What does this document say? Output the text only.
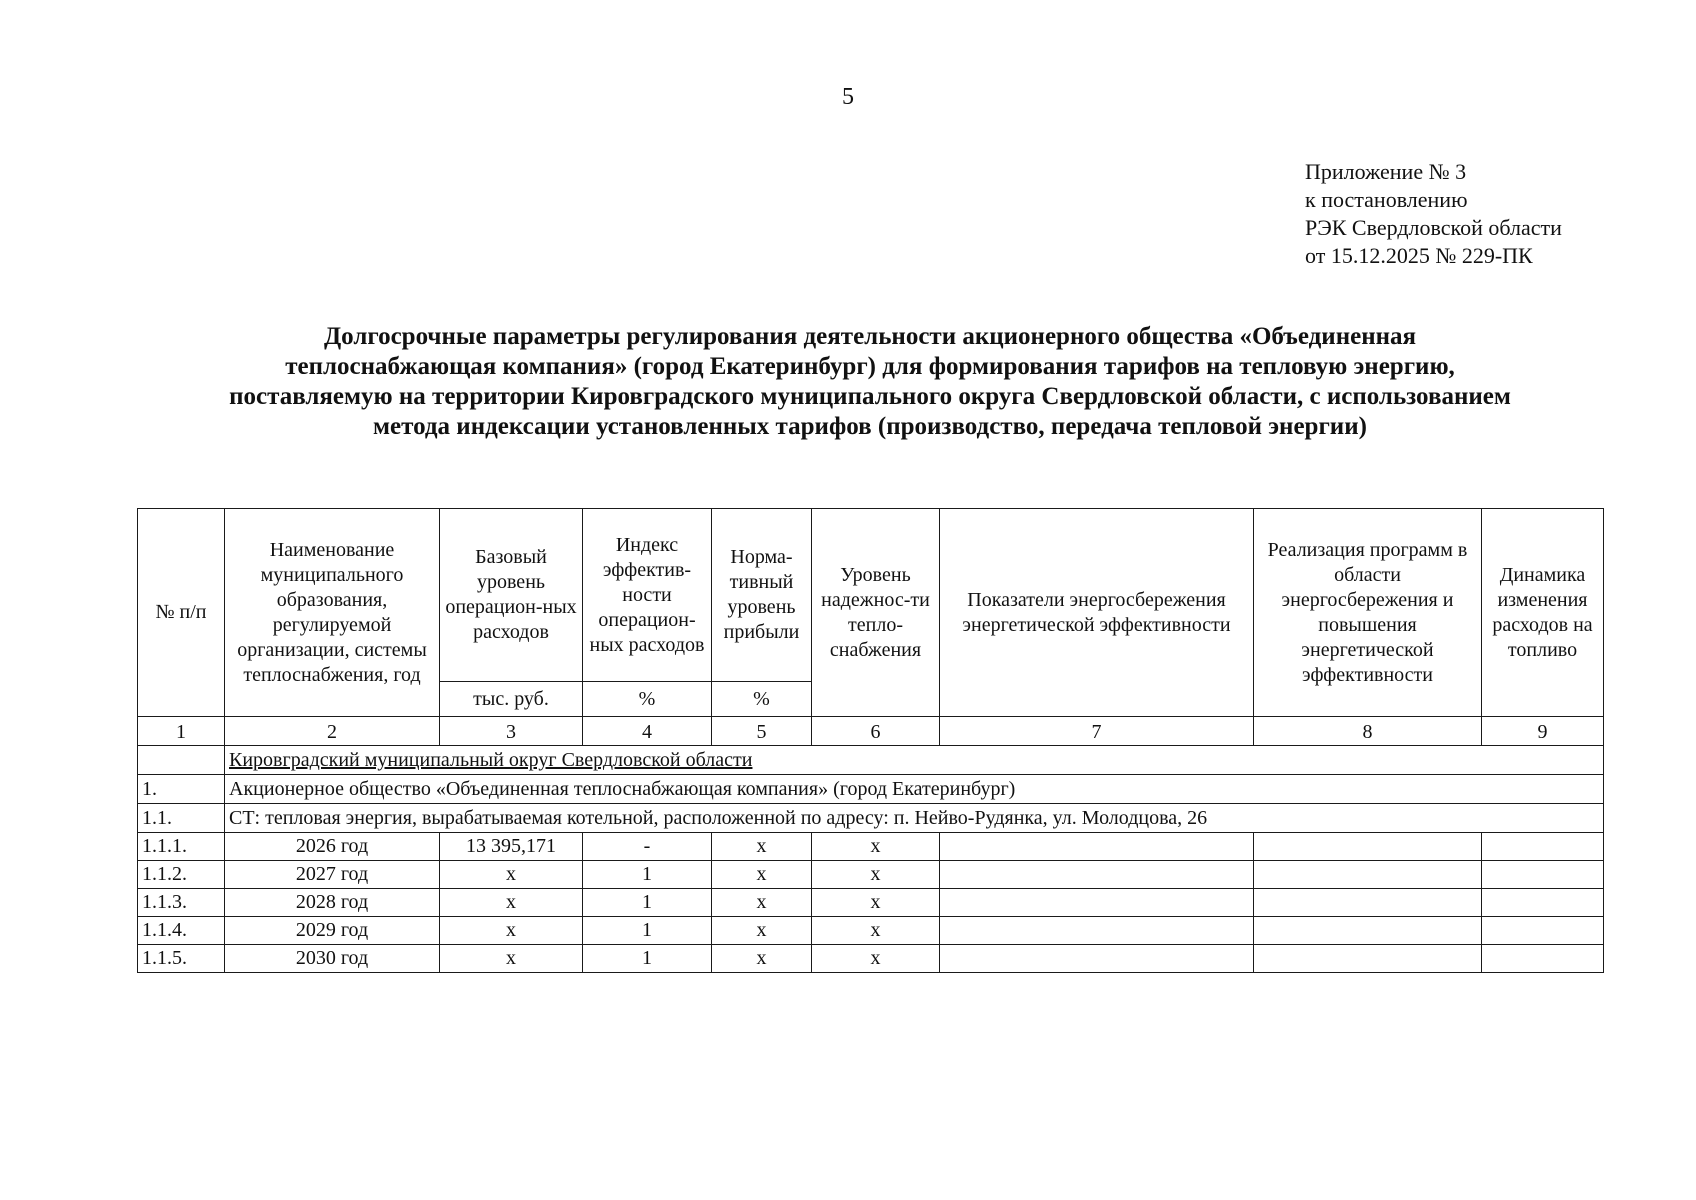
5
Приложение № 3
к постановлению
РЭК Свердловской области
от 15.12.2025 № 229-ПК
Долгосрочные параметры регулирования деятельности акционерного общества «Объединенная
теплоснабжающая компания» (город Екатеринбург) для формирования тарифов на тепловую энергию,
поставляемую на территории Кировградского муниципального округа Свердловской области, с использованием
метода индексации установленных тарифов (производство, передача тепловой энергии)
№ п/п	Наименование муниципального образования, регулируемой организации, системы теплоснабжения, год	Базовый уровень операцион-ных расходов	Индекс эффектив-ности операцион-ных расходов	Норма-тивный уровень прибыли	Уровень надежнос-ти тепло-снабжения	Показатели энергосбережения энергетической эффективности	Реализация программ в области энергосбережения и повышения энергетической эффективности	Динамика изменения расходов на топливо
		тыс. руб.	%	%				
1	2	3	4	5	6	7	8	9
	Кировградский муниципальный округ Свердловской области							
1.	Акционерное общество «Объединенная теплоснабжающая компания» (город Екатеринбург)							
1.1.	СТ: тепловая энергия, вырабатываемая котельной, расположенной по адресу: п. Нейво-Рудянка, ул. Молодцова, 26							
1.1.1.	2026 год	13 395,171	-	x	x			
1.1.2.	2027 год	x	1	x	x			
1.1.3.	2028 год	x	1	x	x			
1.1.4.	2029 год	x	1	x	x			
1.1.5.	2030 год	x	1	x	x			
